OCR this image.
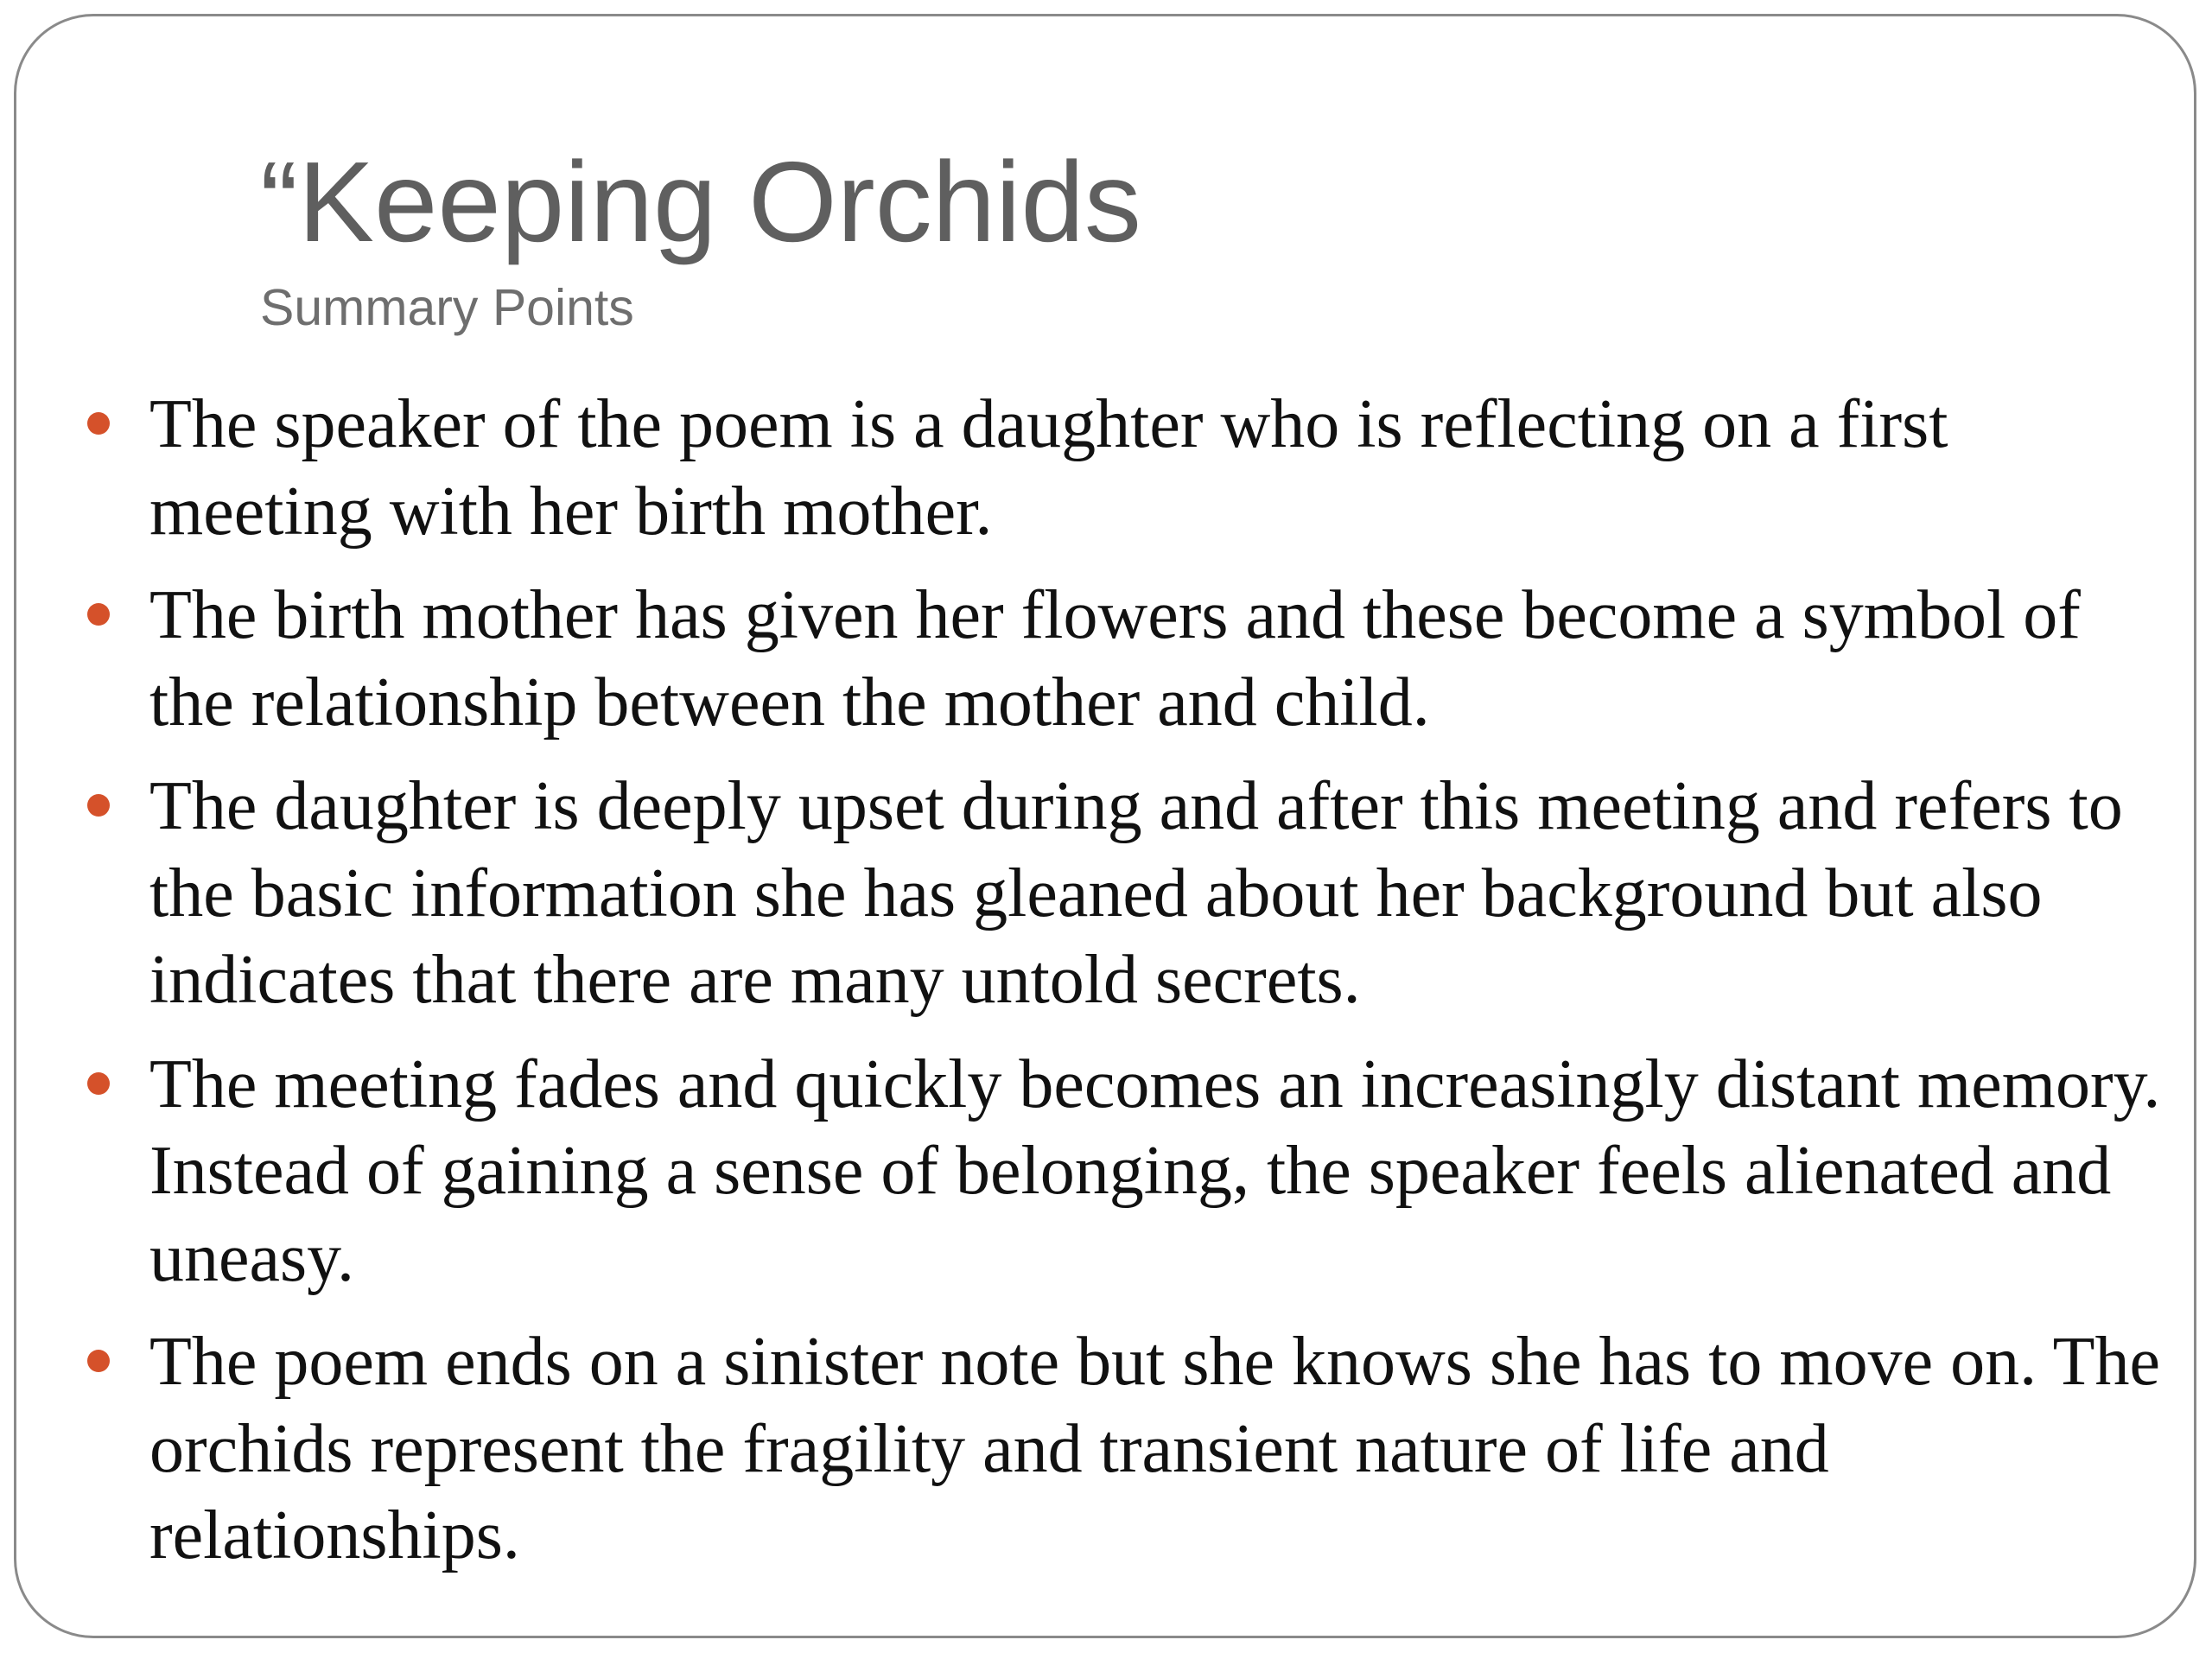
“Keeping Orchids
Summary Points
The speaker of the poem is a daughter who is reflecting on a first meeting with her birth mother.
The birth mother has given her flowers and these become a symbol of the relationship between the mother and child.
The daughter is deeply upset during and after this meeting and refers to the basic information she has gleaned about her background but also indicates that there are many untold secrets.
The meeting fades and quickly becomes an increasingly distant memory. Instead of gaining a sense of belonging, the speaker feels alienated and uneasy.
The poem ends on a sinister note but she knows she has to move on. The orchids represent the fragility and transient nature of life and relationships.
